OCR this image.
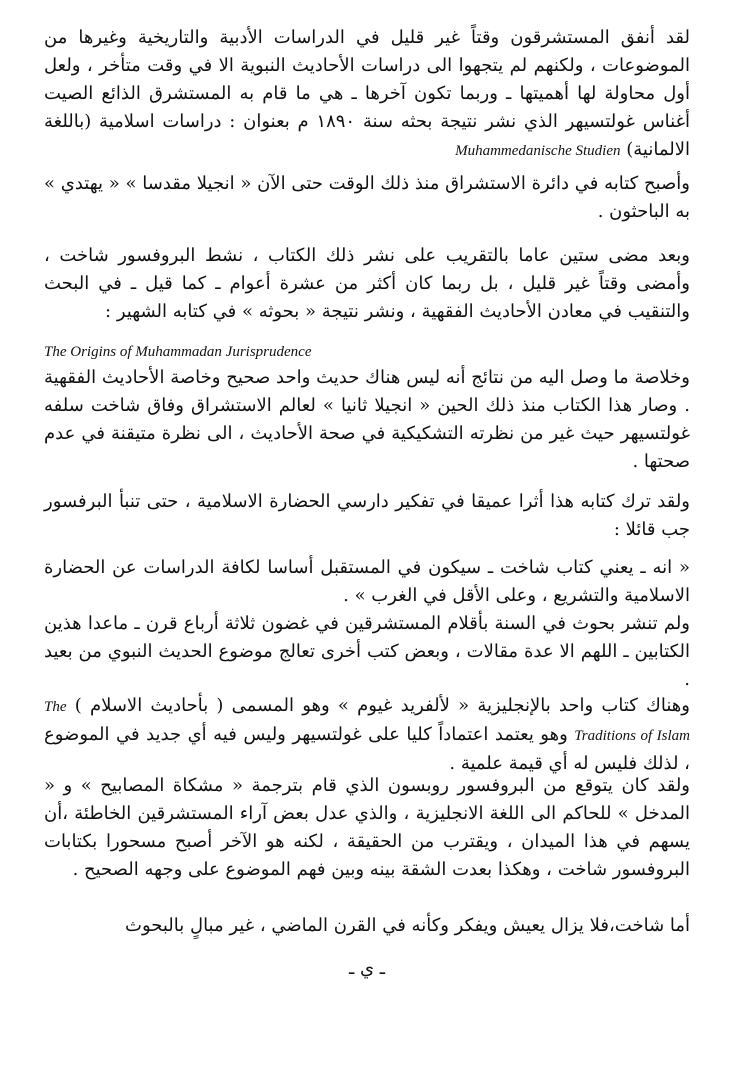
لقد أنفق المستشرقون وقتاً غير قليل في الدراسات الأدبية والتاريخية وغيرها من الموضوعات ، ولكنهم لم يتجهوا الى دراسات الأحاديث النبوية الا في وقت متأخر ، ولعل أول محاولة لها أهميتها ـ وربما تكون آخرها ـ هي ما قام به المستشرق الذائع الصيت أغناس غولتسيهر الذي نشر نتيجة بحثه سنة ١٨٩٠ م بعنوان : دراسات اسلامية (باللغة الالمانية) Muhammedanische Studien

وأصبح كتابه في دائرة الاستشراق منذ ذلك الوقت حتى الآن « انجيلا مقدسا » « يهتدي » به الباحثون .

وبعد مضى ستين عاما بالتقريب على نشر ذلك الكتاب ، نشط البروفسور شاخت ، وأمضى وقتاً غير قليل ، بل ربما كان أكثر من عشرة أعوام ـ كما قيل ـ في البحث والتنقيب في معادن الأحاديث الفقهية ، ونشر نتيجة « بحوثه » في كتابه الشهير :

The Origins of Muhammadan Jurisprudence

وخلاصة ما وصل اليه من نتائج أنه ليس هناك حديث واحد صحيح وخاصة الأحاديث الفقهية . وصار هذا الكتاب منذ ذلك الحين « انجيلا ثانيا » لعالم الاستشراق وفاق شاخت سلفه غولتسيهر حيث غير من نظرته التشكيكية في صحة الأحاديث ، الى نظرة متيقنة في عدم صحتها .

ولقد ترك كتابه هذا أثرا عميقا في تفكير دارسي الحضارة الاسلامية ، حتى تنبأ البرفسور جب قائلا :

« انه ـ يعني كتاب شاخت ـ سيكون في المستقبل أساسا لكافة الدراسات عن الحضارة الاسلامية والتشريع ، وعلى الأقل في الغرب » .

ولم تنشر بحوث في السنة بأقلام المستشرقين في غضون ثلاثة أرباع قرن ـ ماعدا هذين الكتابين ـ اللهم الا عدة مقالات ، وبعض كتب أخرى تعالج موضوع الحديث النبوي من بعيد .

وهناك كتاب واحد بالإنجليزية « لألفريد غيوم » وهو المسمى ( بأحاديث الاسلام ) The Traditions of Islam وهو يعتمد اعتماداً كليا على غولتسيهر وليس فيه أي جديد في الموضوع ، لذلك فليس له أي قيمة علمية .

ولقد كان يتوقع من البروفسور روبسون الذي قام بترجمة « مشكاة المصابيح » و « المدخل » للحاكم الى اللغة الانجليزية ، والذي عدل بعض آراء المستشرقين الخاطئة ،أن يسهم في هذا الميدان ، ويقترب من الحقيقة ، لكنه هو الآخر أصبح مسحورا بكتابات البروفسور شاخت ، وهكذا بعدت الشقة بينه وبين فهم الموضوع على وجهه الصحيح .

أما شاخت،فلا يزال يعيش ويفكر وكأنه في القرن الماضي ، غير مبالٍ بالبحوث

ـ ي ـ
